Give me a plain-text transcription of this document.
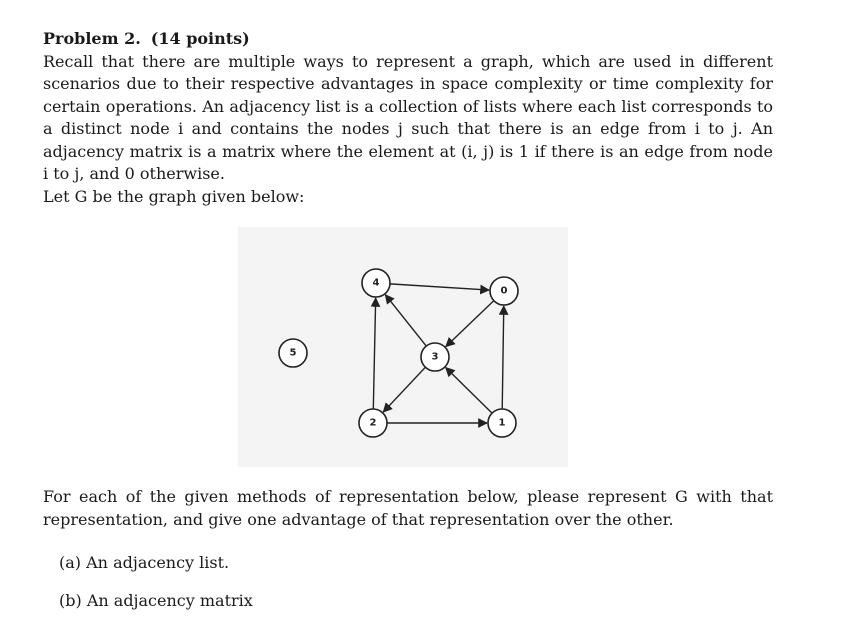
Problem 2. (14 points)

Recall that there are multiple ways to represent a graph, which are used in different scenarios due to their respective advantages in space complexity or time complexity for certain operations. An adjacency list is a collection of lists where each list corresponds to a distinct node i and contains the nodes j such that there is an edge from i to j. An adjacency matrix is a matrix where the element at (i, j) is 1 if there is an edge from node i to j, and 0 otherwise.

Let G be the graph given below:

0
1
2
3
4
5

For each of the given methods of representation below, please represent G with that representation, and give one advantage of that representation over the other.

(a) An adjacency list.

(b) An adjacency matrix
